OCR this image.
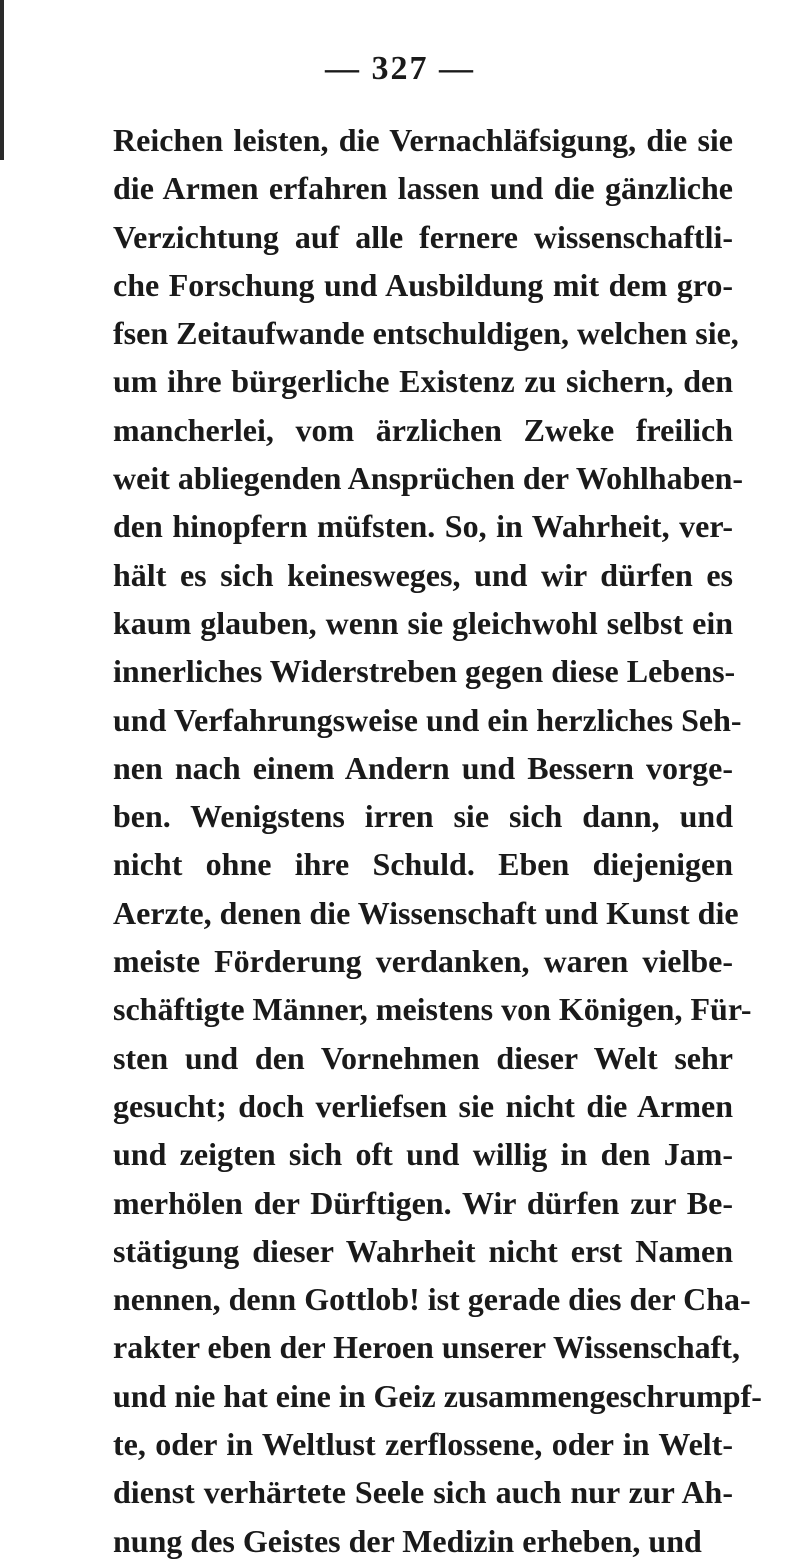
— 327 —
Reichen leisten, die Vernachläfsigung, die sie
die Armen erfahren lassen und die gänzliche
Verzichtung auf alle fernere wissenschaftli-
che Forschung und Ausbildung mit dem gro-
fsen Zeitaufwande entschuldigen, welchen sie,
um ihre bürgerliche Existenz zu sichern, den
mancherlei, vom ärzlichen Zweke freilich
weit abliegenden Ansprüchen der Wohlhaben-
den hinopfern müfsten. So, in Wahrheit, ver-
hält es sich keinesweges, und wir dürfen es
kaum glauben, wenn sie gleichwohl selbst ein
innerliches Widerstreben gegen diese Lebens-
und Verfahrungsweise und ein herzliches Seh-
nen nach einem Andern und Bessern vorge-
ben. Wenigstens irren sie sich dann, und
nicht ohne ihre Schuld. Eben diejenigen
Aerzte, denen die Wissenschaft und Kunst die
meiste Förderung verdanken, waren vielbe-
schäftigte Männer, meistens von Königen, Für-
sten und den Vornehmen dieser Welt sehr
gesucht; doch verliefsen sie nicht die Armen
und zeigten sich oft und willig in den Jam-
merhölen der Dürftigen. Wir dürfen zur Be-
stätigung dieser Wahrheit nicht erst Namen
nennen, denn Gottlob! ist gerade dies der Cha-
rakter eben der Heroen unserer Wissenschaft,
und nie hat eine in Geiz zusammengeschrumpf-
te, oder in Weltlust zerflossene, oder in Welt-
dienst verhärtete Seele sich auch nur zur Ah-
nung des Geistes der Medizin erheben, und
